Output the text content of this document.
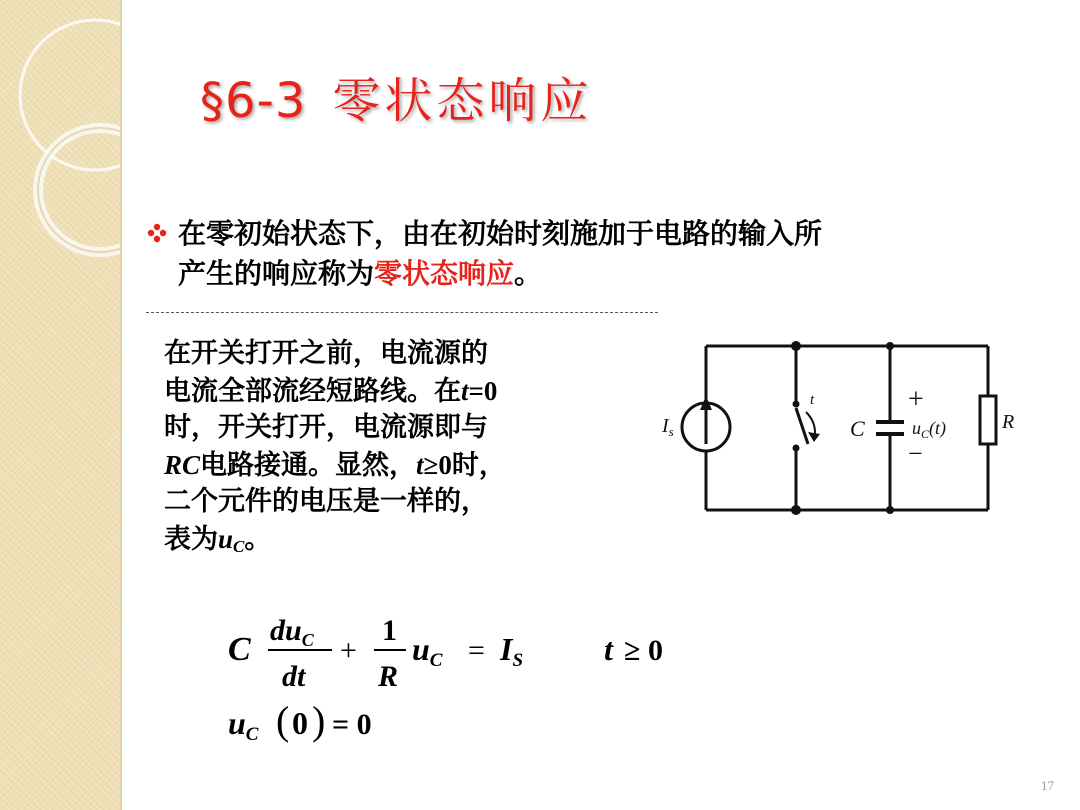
§6-3 零状态响应
在零初始状态下，由在初始时刻施加于电路的输入所

产生的响应称为零状态响应。
在开关打开之前，电流源的
电流全部流经短路线。在t=0
时，开关打开，电流源即与
RC电路接通。显然，t≥0时，
二个元件的电压是一样的，
表为$u_C$。
$I_s$
t
C
+
$u_C(t)$
−
R
C
$du_C$
dt
+
1
R
uC = IS	t ≥ 0
uC ( 0 ) = 0
17
